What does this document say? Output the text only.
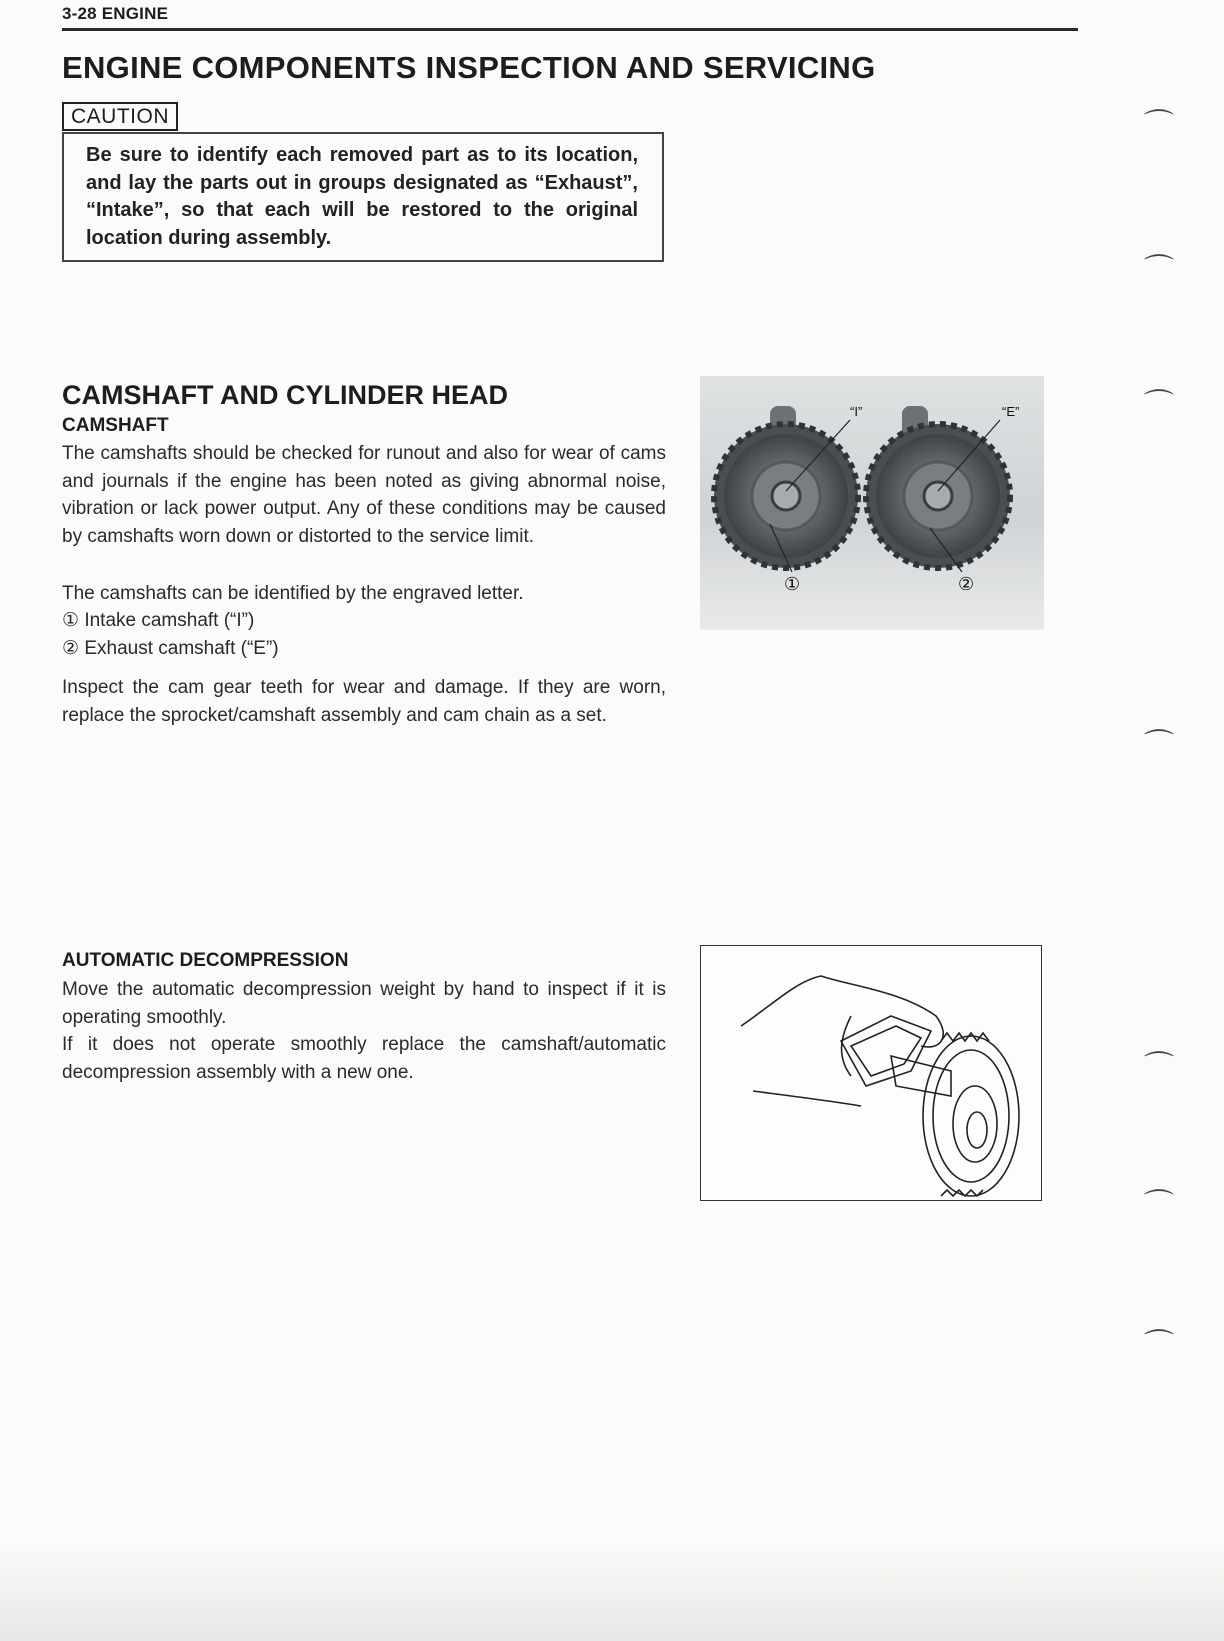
3-28 ENGINE
ENGINE COMPONENTS INSPECTION AND SERVICING
CAUTION
Be sure to identify each removed part as to its location, and lay the parts out in groups designated as “Exhaust”, “Intake”, so that each will be restored to the original location during assembly.
CAMSHAFT AND CYLINDER HEAD
CAMSHAFT
The camshafts should be checked for runout and also for wear of cams and journals if the engine has been noted as giving abnormal noise, vibration or lack power output. Any of these conditions may be caused by camshafts worn down or distorted to the service limit.
The camshafts can be identified by the engraved letter.
① Intake camshaft (“I”)
② Exhaust camshaft (“E”)
Inspect the cam gear teeth for wear and damage. If they are worn, replace the sprocket/camshaft assembly and cam chain as a set.
“I”	“E”
①	②
AUTOMATIC DECOMPRESSION
Move the automatic decompression weight by hand to inspect if it is operating smoothly.
If it does not operate smoothly replace the camshaft/automatic decompression assembly with a new one.
⌒
⌒
⌒
⌒
⌒
⌒
⌒
